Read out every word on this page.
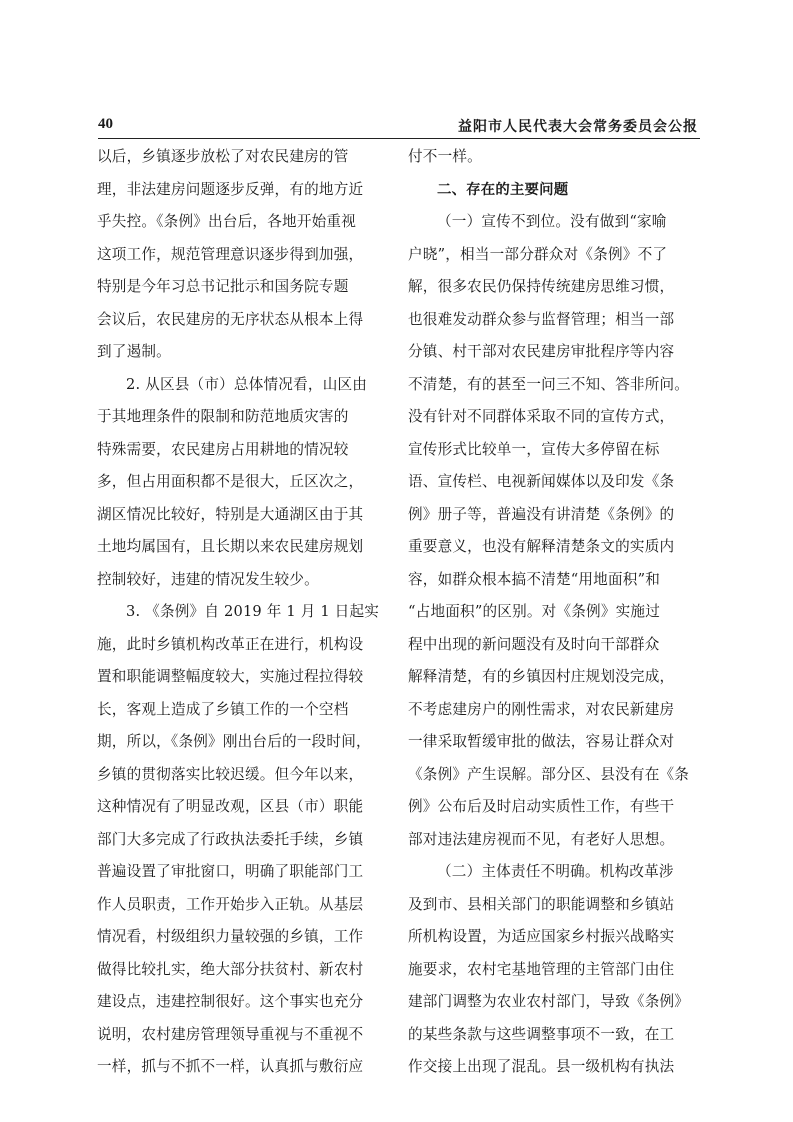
40	益阳市人民代表大会常务委员会公报
以后，乡镇逐步放松了对农民建房的管
理，非法建房问题逐步反弹，有的地方近
乎失控。《条例》出台后，各地开始重视
这项工作，规范管理意识逐步得到加强，
特别是今年习总书记批示和国务院专题
会议后，农民建房的无序状态从根本上得
到了遏制。
2. 从区县（市）总体情况看，山区由
于其地理条件的限制和防范地质灾害的
特殊需要，农民建房占用耕地的情况较
多，但占用面积都不是很大，丘区次之，
湖区情况比较好，特别是大通湖区由于其
土地均属国有，且长期以来农民建房规划
控制较好，违建的情况发生较少。
3. 《条例》自 2019 年 1 月 1 日起实
施，此时乡镇机构改革正在进行，机构设
置和职能调整幅度较大，实施过程拉得较
长，客观上造成了乡镇工作的一个空档
期，所以，《条例》刚出台后的一段时间，
乡镇的贯彻落实比较迟缓。但今年以来，
这种情况有了明显改观，区县（市）职能
部门大多完成了行政执法委托手续，乡镇
普遍设置了审批窗口，明确了职能部门工
作人员职责，工作开始步入正轨。从基层
情况看，村级组织力量较强的乡镇，工作
做得比较扎实，绝大部分扶贫村、新农村
建设点，违建控制很好。这个事实也充分
说明，农村建房管理领导重视与不重视不
一样，抓与不抓不一样，认真抓与敷衍应
付不一样。
二、存在的主要问题
（一）宣传不到位。没有做到“家喻
户晓”，相当一部分群众对《条例》不了
解，很多农民仍保持传统建房思维习惯，
也很难发动群众参与监督管理；相当一部
分镇、村干部对农民建房审批程序等内容
不清楚，有的甚至一问三不知、答非所问。
没有针对不同群体采取不同的宣传方式，
宣传形式比较单一，宣传大多停留在标
语、宣传栏、电视新闻媒体以及印发《条
例》册子等，普遍没有讲清楚《条例》的
重要意义，也没有解释清楚条文的实质内
容，如群众根本搞不清楚“用地面积”和
“占地面积”的区别。对《条例》实施过
程中出现的新问题没有及时向干部群众
解释清楚，有的乡镇因村庄规划没完成，
不考虑建房户的刚性需求，对农民新建房
一律采取暂缓审批的做法，容易让群众对
《条例》产生误解。部分区、县没有在《条
例》公布后及时启动实质性工作，有些干
部对违法建房视而不见，有老好人思想。
（二）主体责任不明确。机构改革涉
及到市、县相关部门的职能调整和乡镇站
所机构设置，为适应国家乡村振兴战略实
施要求，农村宅基地管理的主管部门由住
建部门调整为农业农村部门，导致《条例》
的某些条款与这些调整事项不一致，在工
作交接上出现了混乱。县一级机构有执法
